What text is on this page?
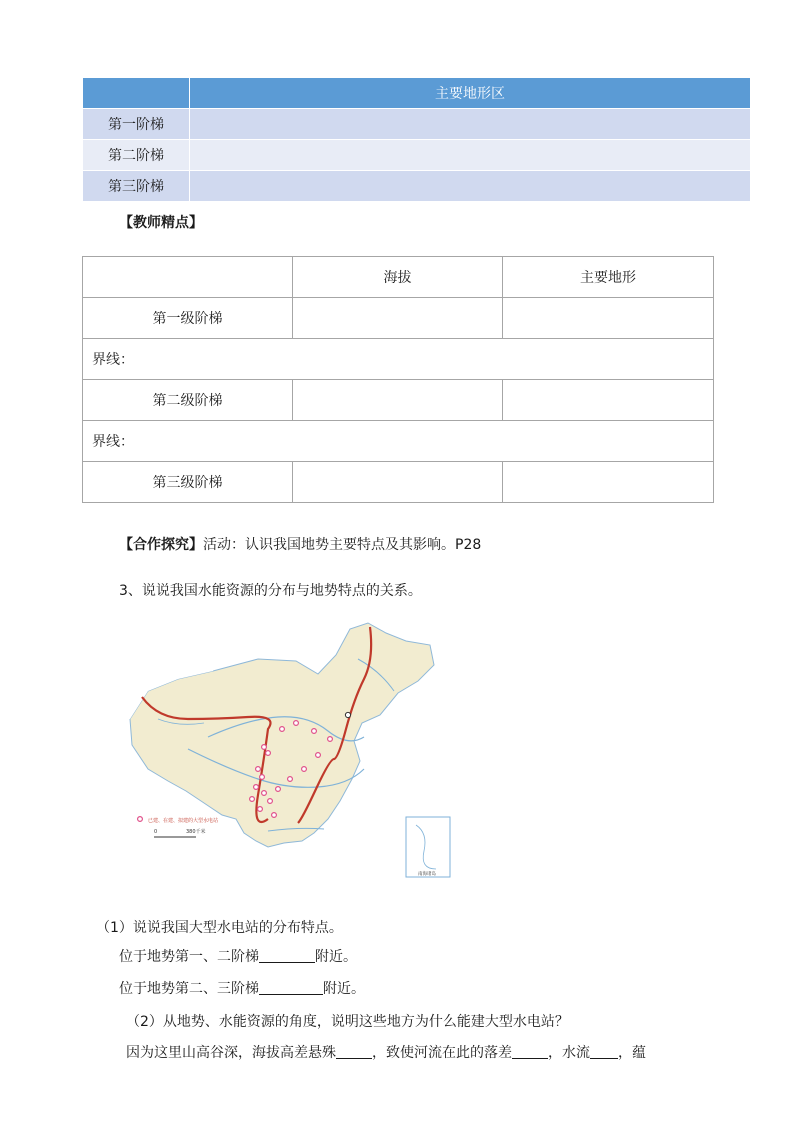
	主要地形区
第一阶梯	
第二阶梯	
第三阶梯	
【教师精点】
	海拔	主要地形
第一级阶梯		
界线：		
第二级阶梯		
界线：		
第三级阶梯		

【合作探究】活动：认识我国地势主要特点及其影响。P28

3、说说我国水能资源的分布与地势特点的关系。

已建、在建、拟建的大型水电站
0	380千米
南海诸岛

（1）说说我国大型水电站的分布特点。

位于地势第一、二阶梯	附近。

位于地势第二、三阶梯	附近。

（2）从地势、水能资源的角度，说明这些地方为什么能建大型水电站？

因为这里山高谷深，海拔高差悬殊	，致使河流在此的落差	，水流 ，蕴
